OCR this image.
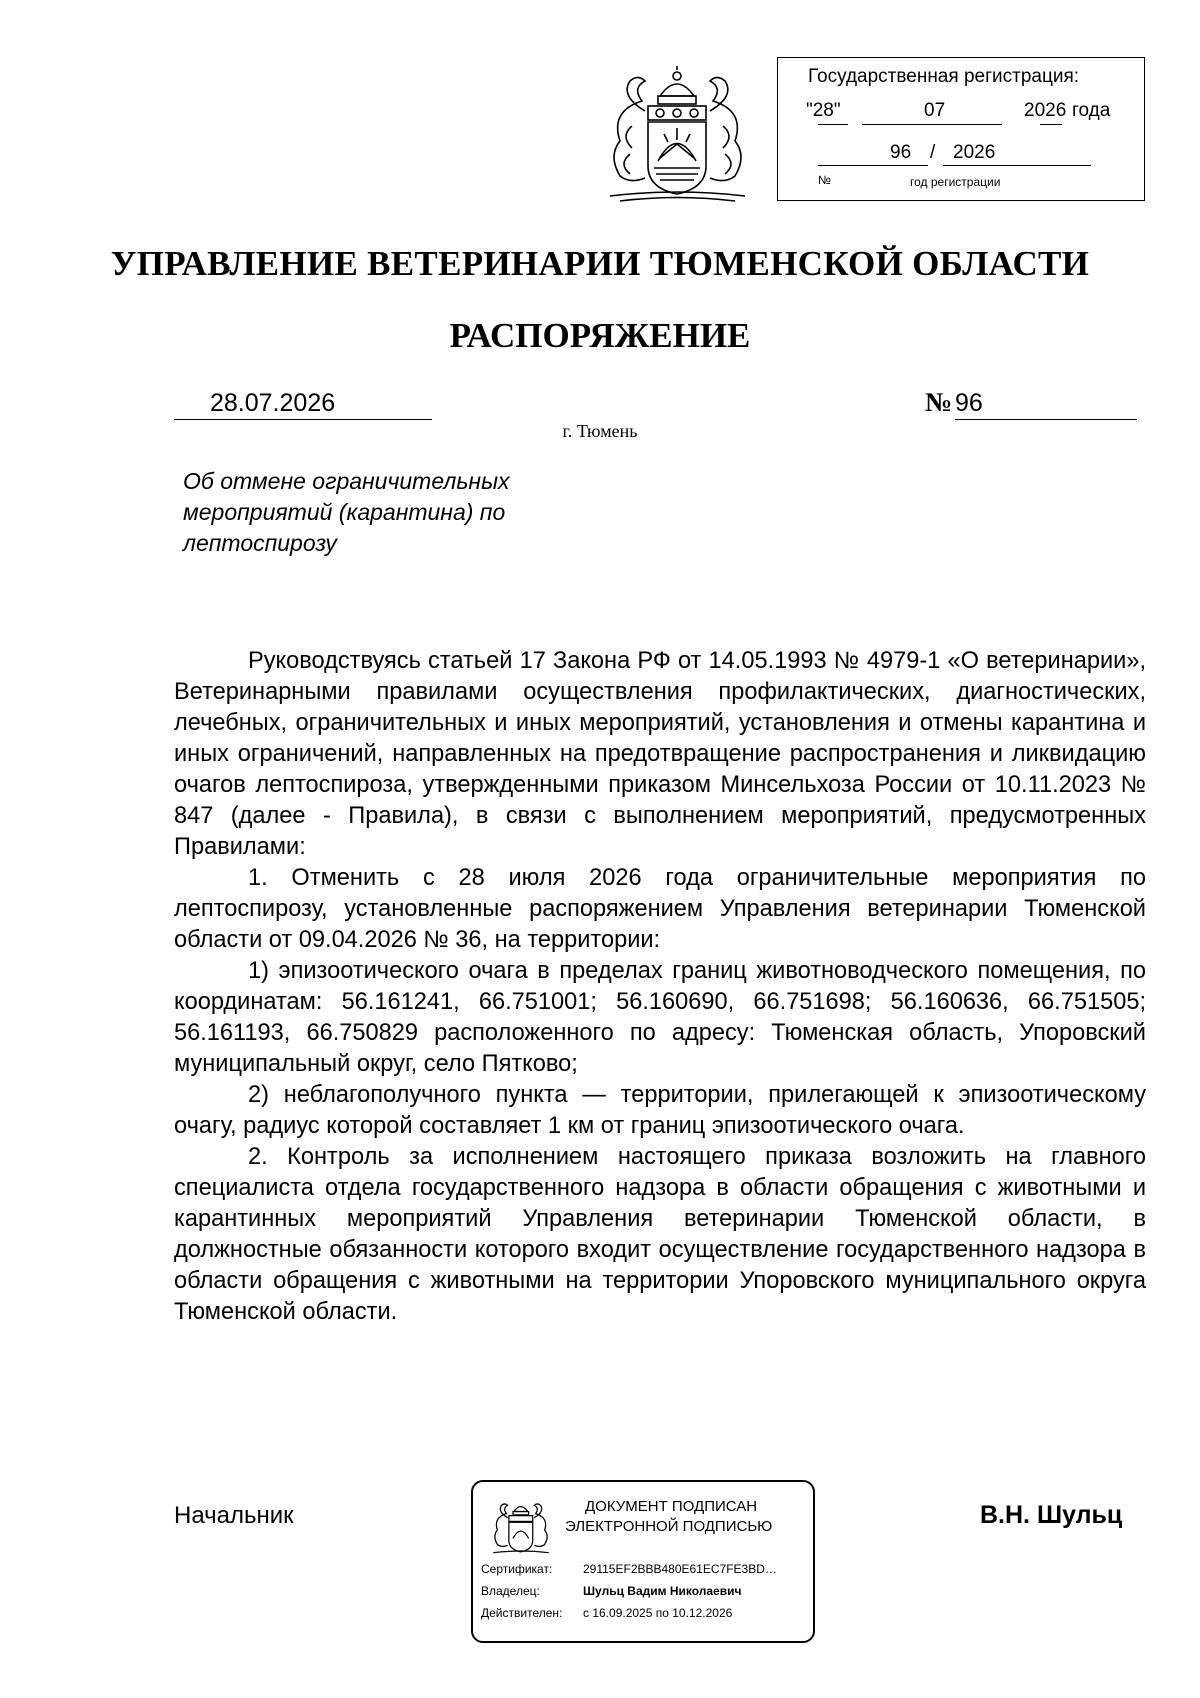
Государственная регистрация:
"28"	07	2026 года
96 / 2026
№	год регистрации
УПРАВЛЕНИЕ ВЕТЕРИНАРИИ ТЮМЕНСКОЙ ОБЛАСТИ
РАСПОРЯЖЕНИЕ
28.07.2026	№ 96
г. Тюмень
Об отмене ограничительных мероприятий (карантина) по лептоспирозу

Руководствуясь статьей 17 Закона РФ от 14.05.1993 № 4979-1 «О ветеринарии», Ветеринарными правилами осуществления профилактических, диагностических, лечебных, ограничительных и иных мероприятий, установления и отмены карантина и иных ограничений, направленных на предотвращение распространения и ликвидацию очагов лептоспироза, утвержденными приказом Минсельхоза России от 10.11.2023 № 847 (далее - Правила), в связи с выполнением мероприятий, предусмотренных Правилами:

1. Отменить с 28 июля 2026 года ограничительные мероприятия по лептоспирозу, установленные распоряжением Управления ветеринарии Тюменской области от 09.04.2026 № 36, на территории:

1) эпизоотического очага в пределах границ животноводческого помещения, по координатам: 56.161241, 66.751001; 56.160690, 66.751698; 56.160636, 66.751505; 56.161193, 66.750829 расположенного по адресу: Тюменская область, Упоровский муниципальный округ, село Пятково;

2) неблагополучного пункта — территории, прилегающей к эпизоотическому очагу, радиус которой составляет 1 км от границ эпизоотического очага.

2. Контроль за исполнением настоящего приказа возложить на главного специалиста отдела государственного надзора в области обращения с животными и карантинных мероприятий Управления ветеринарии Тюменской области, в должностные обязанности которого входит осуществление государственного надзора в области обращения с животными на территории Упоровского муниципального округа Тюменской области.

Начальник	В.Н. Шульц
ДОКУМЕНТ ПОДПИСАН
ЭЛЕКТРОННОЙ ПОДПИСЬЮ
Сертификат:	29115EF2BBB480E61EC7FE3BD…
Владелец:	Шульц Вадим Николаевич
Действителен: с 16.09.2025 по 10.12.2026
